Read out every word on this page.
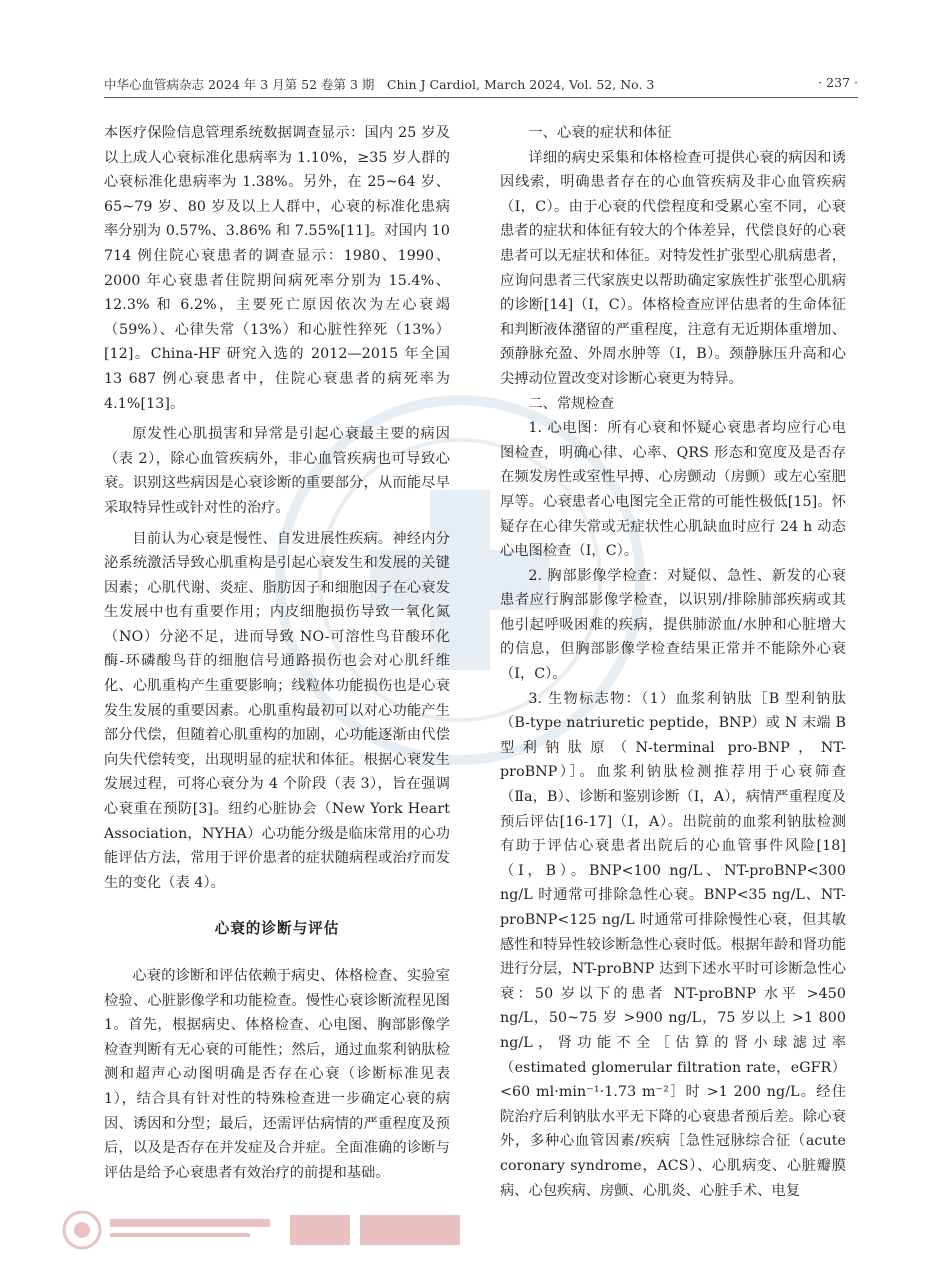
中华心血管病杂志 2024 年 3 月第 52 卷第 3 期　Chin J Cardiol, March 2024, Vol. 52, No. 3	· 237 ·

本医疗保险信息管理系统数据调查显示：国内 25 岁及以上成人心衰标准化患病率为 1.10%，≥35 岁人群的心衰标准化患病率为 1.38%。另外，在 25~64 岁、65~79 岁、80 岁及以上人群中，心衰的标准化患病率分别为 0.57%、3.86% 和 7.55%[11]。对国内 10 714 例住院心衰患者的调查显示：1980、1990、2000 年心衰患者住院期间病死率分别为 15.4%、12.3% 和 6.2%，主要死亡原因依次为左心衰竭（59%）、心律失常（13%）和心脏性猝死（13%）[12]。China-HF 研究入选的 2012—2015 年全国 13 687 例心衰患者中，住院心衰患者的病死率为 4.1%[13]。

原发性心肌损害和异常是引起心衰最主要的病因（表 2），除心血管疾病外，非心血管疾病也可导致心衰。识别这些病因是心衰诊断的重要部分，从而能尽早采取特异性或针对性的治疗。

目前认为心衰是慢性、自发进展性疾病。神经内分泌系统激活导致心肌重构是引起心衰发生和发展的关键因素；心肌代谢、炎症、脂肪因子和细胞因子在心衰发生发展中也有重要作用；内皮细胞损伤导致一氧化氮（NO）分泌不足，进而导致 NO-可溶性鸟苷酸环化酶-环磷酸鸟苷的细胞信号通路损伤也会对心肌纤维化、心肌重构产生重要影响；线粒体功能损伤也是心衰发生发展的重要因素。心肌重构最初可以对心功能产生部分代偿，但随着心肌重构的加剧，心功能逐渐由代偿向失代偿转变，出现明显的症状和体征。根据心衰发生发展过程，可将心衰分为 4 个阶段（表 3），旨在强调心衰重在预防[3]。纽约心脏协会（New York Heart Association，NYHA）心功能分级是临床常用的心功能评估方法，常用于评价患者的症状随病程或治疗而发生的变化（表 4）。

心衰的诊断与评估

心衰的诊断和评估依赖于病史、体格检查、实验室检验、心脏影像学和功能检查。慢性心衰诊断流程见图 1。首先，根据病史、体格检查、心电图、胸部影像学检查判断有无心衰的可能性；然后，通过血浆利钠肽检测和超声心动图明确是否存在心衰（诊断标准见表 1），结合具有针对性的特殊检查进一步确定心衰的病因、诱因和分型；最后，还需评估病情的严重程度及预后，以及是否存在并发症及合并症。全面准确的诊断与评估是给予心衰患者有效治疗的前提和基础。

一、心衰的症状和体征

详细的病史采集和体格检查可提供心衰的病因和诱因线索，明确患者存在的心血管疾病及非心血管疾病（Ⅰ，C）。由于心衰的代偿程度和受累心室不同，心衰患者的症状和体征有较大的个体差异，代偿良好的心衰患者可以无症状和体征。对特发性扩张型心肌病患者，应询问患者三代家族史以帮助确定家族性扩张型心肌病的诊断[14]（Ⅰ，C）。体格检查应评估患者的生命体征和判断液体潴留的严重程度，注意有无近期体重增加、颈静脉充盈、外周水肿等（Ⅰ，B）。颈静脉压升高和心尖搏动位置改变对诊断心衰更为特异。

二、常规检查

1. 心电图：所有心衰和怀疑心衰患者均应行心电图检查，明确心律、心率、QRS 形态和宽度及是否存在频发房性或室性早搏、心房颤动（房颤）或左心室肥厚等。心衰患者心电图完全正常的可能性极低[15]。怀疑存在心律失常或无症状性心肌缺血时应行 24 h 动态心电图检查（Ⅰ，C）。

2. 胸部影像学检查：对疑似、急性、新发的心衰患者应行胸部影像学检查，以识别/排除肺部疾病或其他引起呼吸困难的疾病，提供肺淤血/水肿和心脏增大的信息，但胸部影像学检查结果正常并不能除外心衰（Ⅰ，C）。

3. 生物标志物：（1）血浆利钠肽［B 型利钠肽（B-type natriuretic peptide，BNP）或 N 末端 B 型利钠肽原（N-terminal pro-BNP，NT-proBNP）］。血浆利钠肽检测推荐用于心衰筛查（Ⅱa，B）、诊断和鉴别诊断（Ⅰ，A），病情严重程度及预后评估[16-17]（Ⅰ，A）。出院前的血浆利钠肽检测有助于评估心衰患者出院后的心血管事件风险[18]（Ⅰ，B）。BNP<100 ng/L、NT-proBNP<300 ng/L 时通常可排除急性心衰。BNP<35 ng/L、NT-proBNP<125 ng/L 时通常可排除慢性心衰，但其敏感性和特异性较诊断急性心衰时低。根据年龄和肾功能进行分层，NT-proBNP 达到下述水平时可诊断急性心衰：50 岁以下的患者 NT-proBNP 水平 >450 ng/L，50~75 岁 >900 ng/L，75 岁以上 >1 800 ng/L，肾功能不全［估算的肾小球滤过率（estimated glomerular filtration rate，eGFR）<60 ml·min⁻¹·1.73 m⁻²］时 >1 200 ng/L。经住院治疗后利钠肽水平无下降的心衰患者预后差。除心衰外，多种心血管因素/疾病［急性冠脉综合征（acute coronary syndrome，ACS）、心肌病变、心脏瓣膜病、心包疾病、房颤、心肌炎、心脏手术、电复
